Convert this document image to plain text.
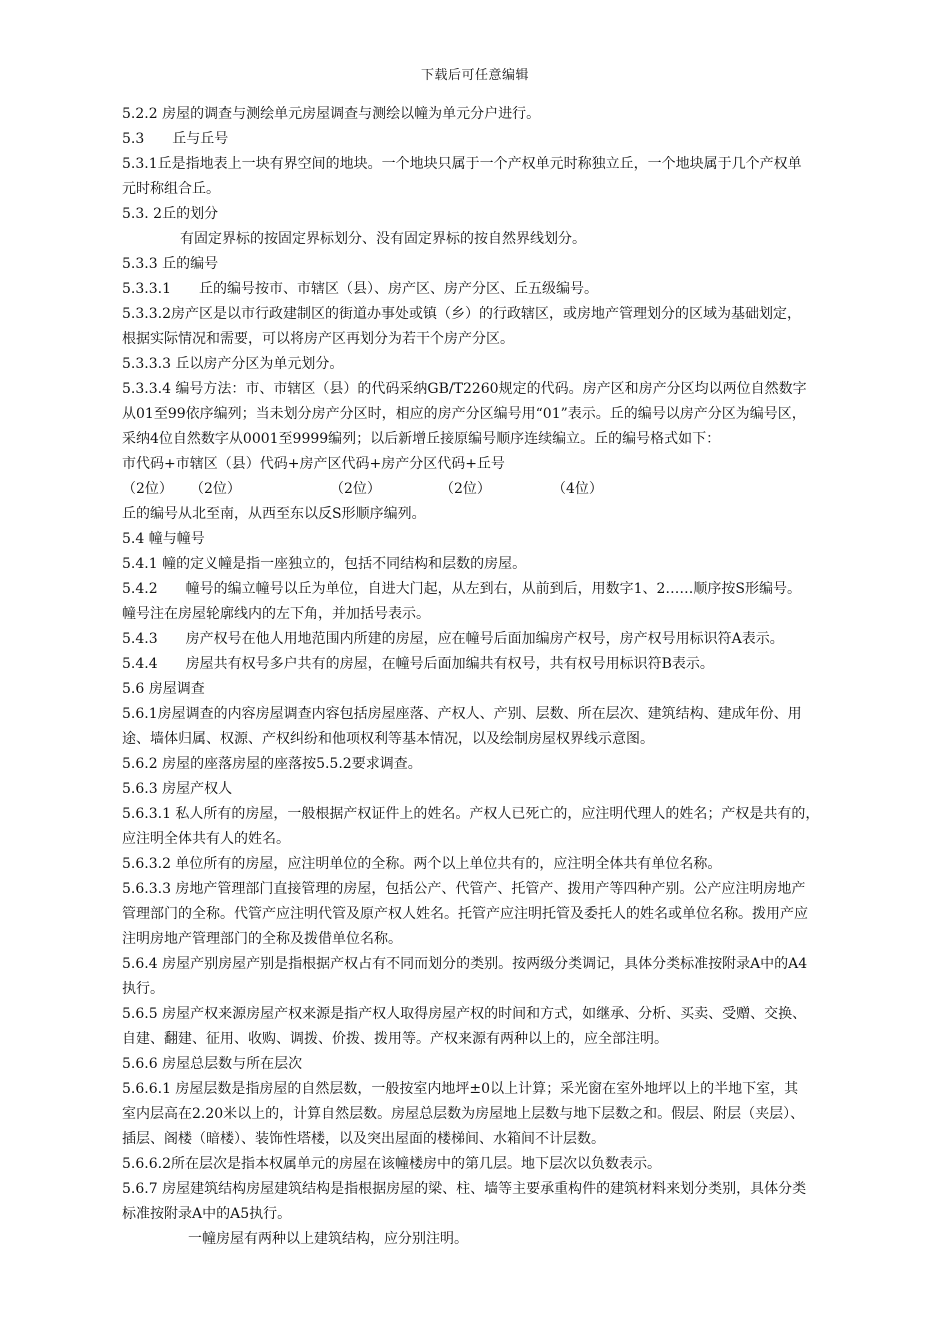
下载后可任意编辑
5.2.2 房屋的调查与测绘单元房屋调查与测绘以幢为单元分户进行。
5.3　　丘与丘号
5.3.1丘是指地表上一块有界空间的地块。一个地块只属于一个产权单元时称独立丘，一个地块属于几个产权单
元时称组合丘。
5.3. 2丘的划分
有固定界标的按固定界标划分、没有固定界标的按自然界线划分。
5.3.3 丘的编号
5.3.3.1　　丘的编号按市、市辖区（县）、房产区、房产分区、丘五级编号。
5.3.3.2房产区是以市行政建制区的街道办事处或镇（乡）的行政辖区，或房地产管理划分的区域为基础划定，
根据实际情况和需要，可以将房产区再划分为若干个房产分区。
5.3.3.3 丘以房产分区为单元划分。
5.3.3.4 编号方法：市、市辖区（县）的代码采纳GB/T2260规定的代码。房产区和房产分区均以两位自然数字
从01至99依序编列；当未划分房产分区时，相应的房产分区编号用“01”表示。丘的编号以房产分区为编号区，
采纳4位自然数字从0001至9999编列；以后新增丘接原编号顺序连续编立。丘的编号格式如下：
市代码+市辖区（县）代码+房产区代码+房产分区代码+丘号
（2位） （2位）	（2位）	（2位）	（4位）
丘的编号从北至南，从西至东以反S形顺序编列。
5.4 幢与幢号
5.4.1 幢的定义幢是指一座独立的，包括不同结构和层数的房屋。
5.4.2　　幢号的编立幢号以丘为单位，自进大门起，从左到右，从前到后，用数字1、2……顺序按S形编号。
幢号注在房屋轮廓线内的左下角，并加括号表示。
5.4.3　　房产权号在他人用地范围内所建的房屋，应在幢号后面加编房产权号，房产权号用标识符A表示。
5.4.4　　房屋共有权号多户共有的房屋，在幢号后面加编共有权号，共有权号用标识符B表示。
5.6 房屋调查
5.6.1房屋调查的内容房屋调查内容包括房屋座落、产权人、产别、层数、所在层次、建筑结构、建成年份、用
途、墙体归属、权源、产权纠纷和他项权利等基本情况，以及绘制房屋权界线示意图。
5.6.2 房屋的座落房屋的座落按5.5.2要求调查。
5.6.3 房屋产权人
5.6.3.1 私人所有的房屋，一般根据产权证件上的姓名。产权人已死亡的，应注明代理人的姓名；产权是共有的，
应注明全体共有人的姓名。
5.6.3.2 单位所有的房屋，应注明单位的全称。两个以上单位共有的，应注明全体共有单位名称。
5.6.3.3 房地产管理部门直接管理的房屋，包括公产、代管产、托管产、拨用产等四种产别。公产应注明房地产
管理部门的全称。代管产应注明代管及原产权人姓名。托管产应注明托管及委托人的姓名或单位名称。拨用产应
注明房地产管理部门的全称及拨借单位名称。
5.6.4 房屋产别房屋产别是指根据产权占有不同而划分的类别。按两级分类调记，具体分类标准按附录A中的A4
执行。
5.6.5 房屋产权来源房屋产权来源是指产权人取得房屋产权的时间和方式，如继承、分析、买卖、受赠、交换、
自建、翻建、征用、收购、调拨、价拨、拨用等。产权来源有两种以上的，应全部注明。
5.6.6 房屋总层数与所在层次
5.6.6.1 房屋层数是指房屋的自然层数，一般按室内地坪±0以上计算；采光窗在室外地坪以上的半地下室，其
室内层高在2.20米以上的，计算自然层数。房屋总层数为房屋地上层数与地下层数之和。假层、附层（夹层）、
插层、阁楼（暗楼）、装饰性塔楼，以及突出屋面的楼梯间、水箱间不计层数。
5.6.6.2所在层次是指本权属单元的房屋在该幢楼房中的第几层。地下层次以负数表示。
5.6.7 房屋建筑结构房屋建筑结构是指根据房屋的梁、柱、墙等主要承重构件的建筑材料来划分类别，具体分类
标准按附录A中的A5执行。
一幢房屋有两种以上建筑结构，应分别注明。
